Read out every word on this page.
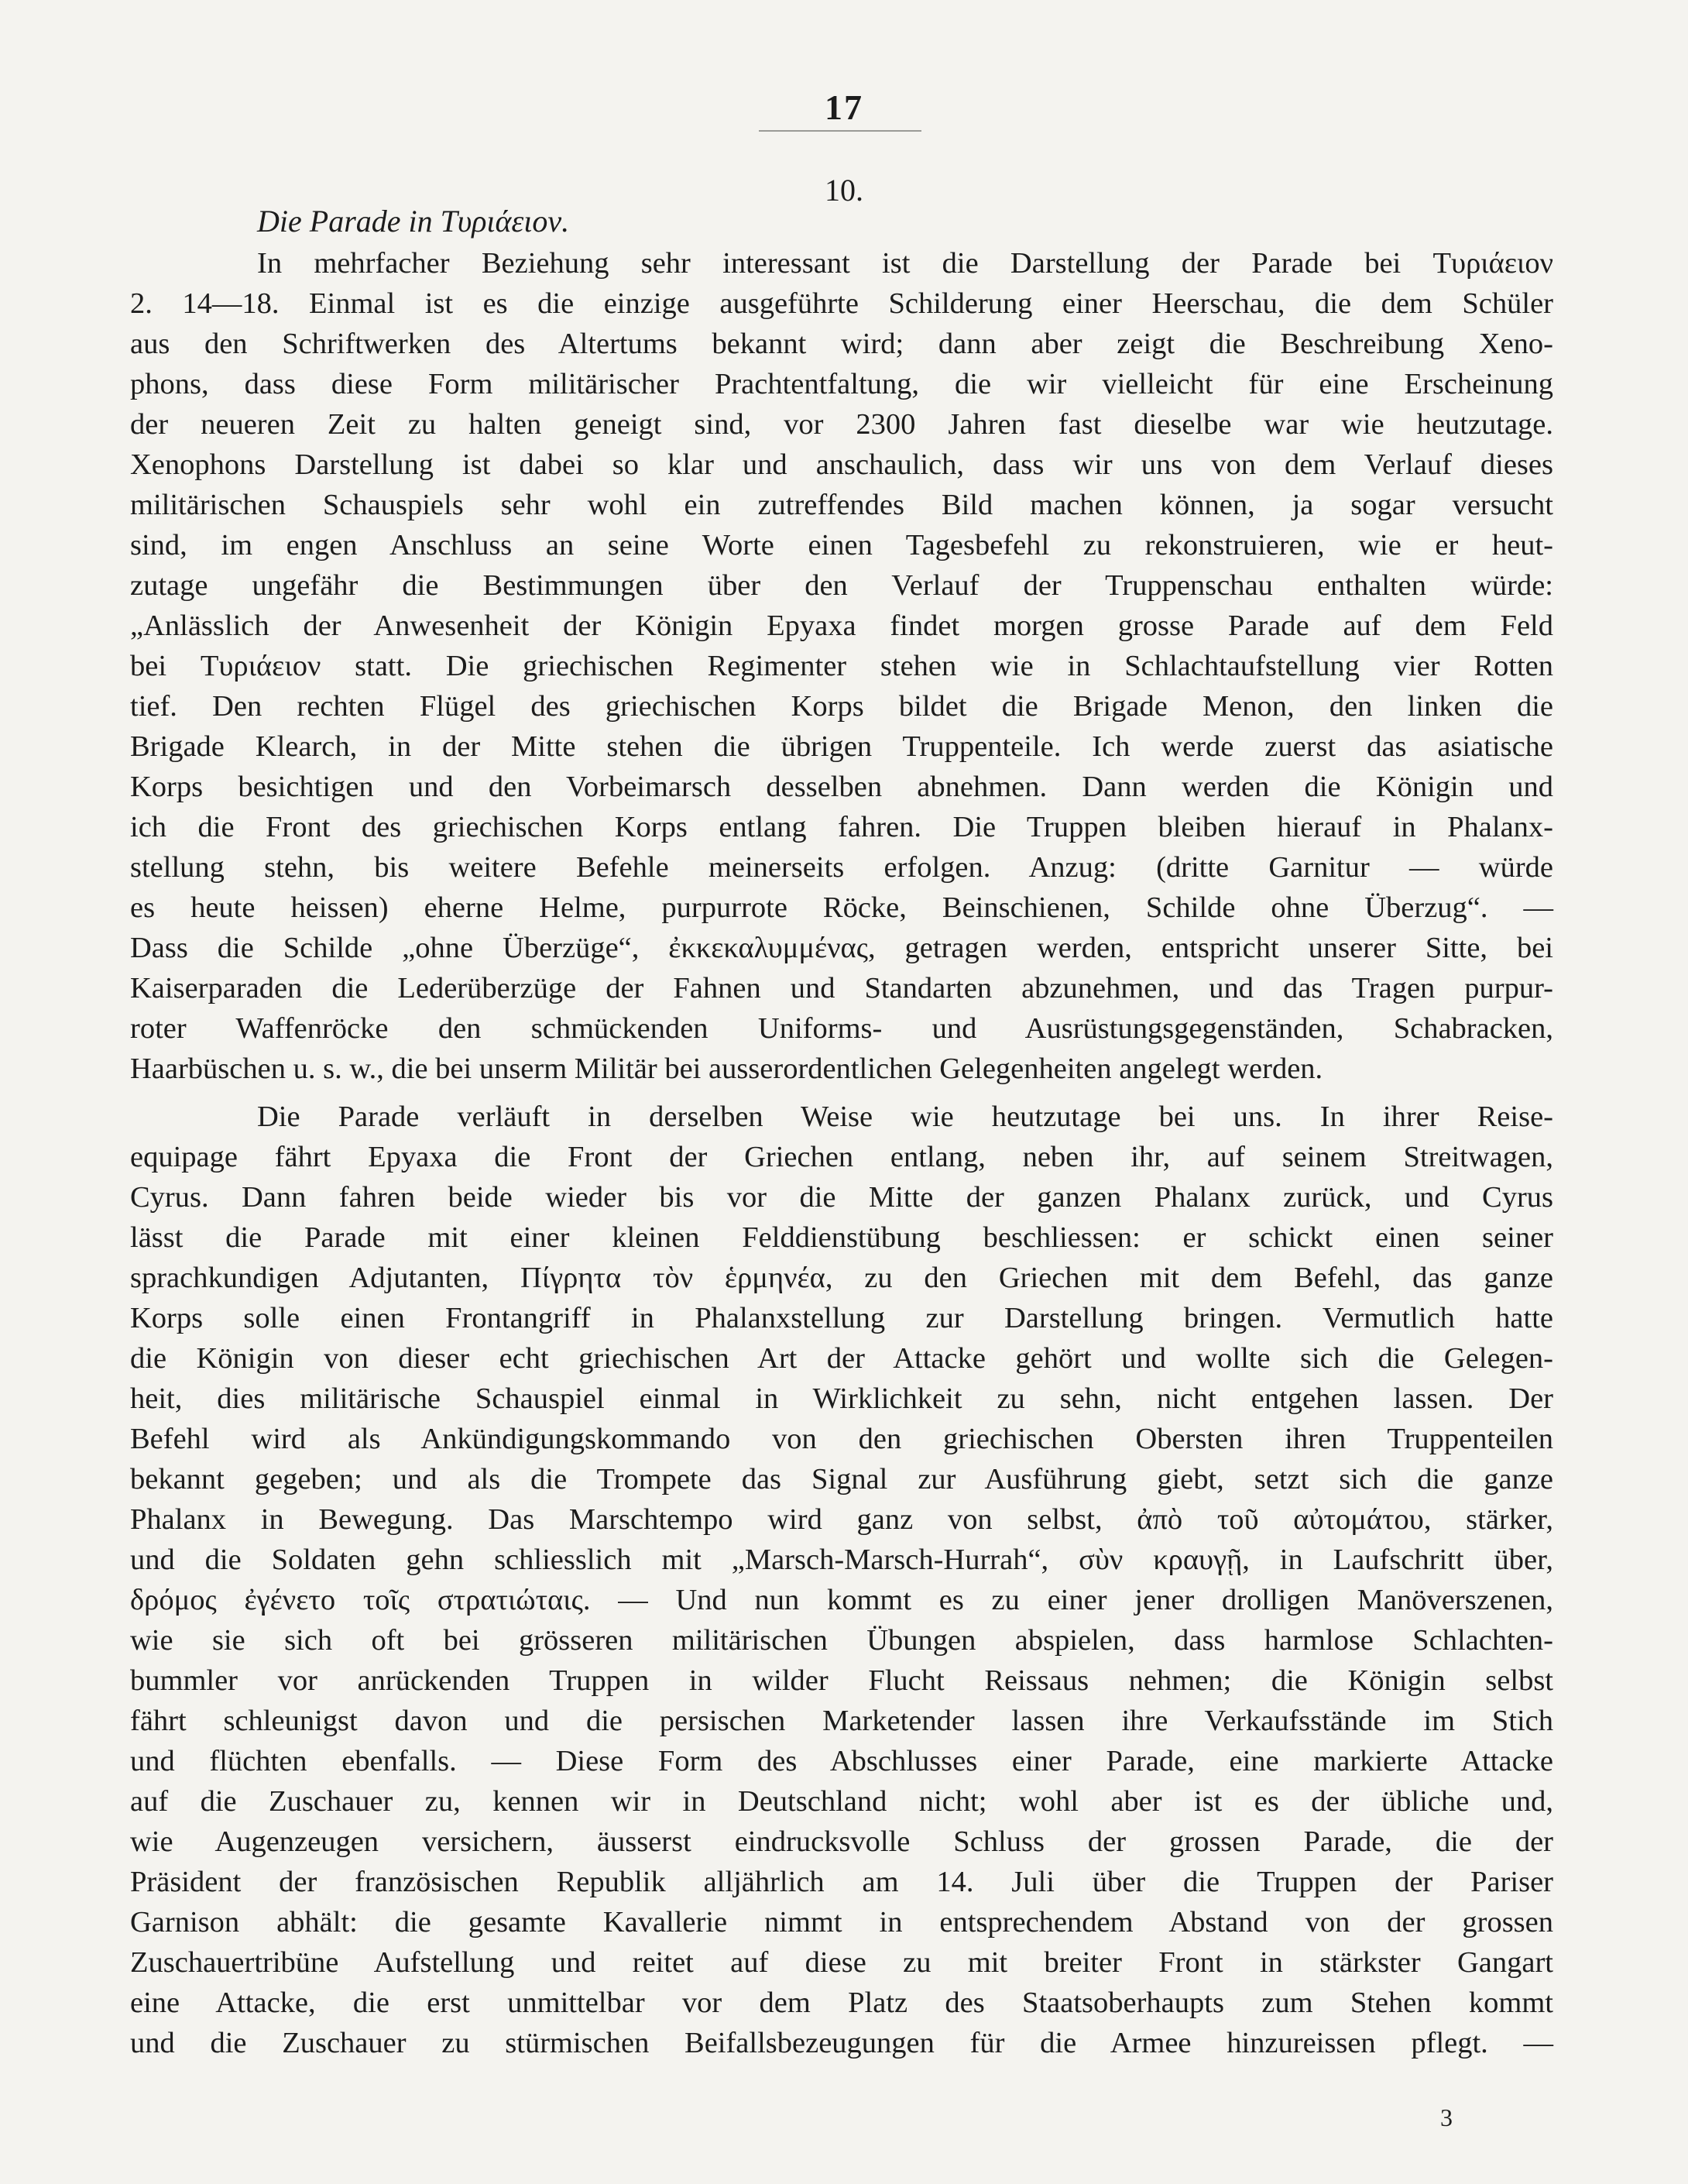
17
10.
Die Parade in Τυριάειον.
In mehrfacher Beziehung sehr interessant ist die Darstellung der Parade bei Τυριάειον
2. 14—18. Einmal ist es die einzige ausgeführte Schilderung einer Heerschau, die dem Schüler
aus den Schriftwerken des Altertums bekannt wird; dann aber zeigt die Beschreibung Xeno-
phons, dass diese Form militärischer Prachtentfaltung, die wir vielleicht für eine Erscheinung
der neueren Zeit zu halten geneigt sind, vor 2300 Jahren fast dieselbe war wie heutzutage.
Xenophons Darstellung ist dabei so klar und anschaulich, dass wir uns von dem Verlauf dieses
militärischen Schauspiels sehr wohl ein zutreffendes Bild machen können, ja sogar versucht
sind, im engen Anschluss an seine Worte einen Tagesbefehl zu rekonstruieren, wie er heut-
zutage ungefähr die Bestimmungen über den Verlauf der Truppenschau enthalten würde:
„Anlässlich der Anwesenheit der Königin Epyaxa findet morgen grosse Parade auf dem Feld
bei Τυριάειον statt. Die griechischen Regimenter stehen wie in Schlachtaufstellung vier Rotten
tief. Den rechten Flügel des griechischen Korps bildet die Brigade Menon, den linken die
Brigade Klearch, in der Mitte stehen die übrigen Truppenteile. Ich werde zuerst das asiatische
Korps besichtigen und den Vorbeimarsch desselben abnehmen. Dann werden die Königin und
ich die Front des griechischen Korps entlang fahren. Die Truppen bleiben hierauf in Phalanx-
stellung stehn, bis weitere Befehle meinerseits erfolgen. Anzug: (dritte Garnitur — würde
es heute heissen) eherne Helme, purpurrote Röcke, Beinschienen, Schilde ohne Überzug“. —
Dass die Schilde „ohne Überzüge“, ἐκκεκαλυμμένας, getragen werden, entspricht unserer Sitte, bei
Kaiserparaden die Lederüberzüge der Fahnen und Standarten abzunehmen, und das Tragen purpur-
roter Waffenröcke den schmückenden Uniforms- und Ausrüstungsgegenständen, Schabracken,
Haarbüschen u. s. w., die bei unserm Militär bei ausserordentlichen Gelegenheiten angelegt werden.
Die Parade verläuft in derselben Weise wie heutzutage bei uns. In ihrer Reise-
equipage fährt Epyaxa die Front der Griechen entlang, neben ihr, auf seinem Streitwagen,
Cyrus. Dann fahren beide wieder bis vor die Mitte der ganzen Phalanx zurück, und Cyrus
lässt die Parade mit einer kleinen Felddienstübung beschliessen: er schickt einen seiner
sprachkundigen Adjutanten, Πίγρητα τὸν ἑρμηνέα, zu den Griechen mit dem Befehl, das ganze
Korps solle einen Frontangriff in Phalanxstellung zur Darstellung bringen. Vermutlich hatte
die Königin von dieser echt griechischen Art der Attacke gehört und wollte sich die Gelegen-
heit, dies militärische Schauspiel einmal in Wirklichkeit zu sehn, nicht entgehen lassen. Der
Befehl wird als Ankündigungskommando von den griechischen Obersten ihren Truppenteilen
bekannt gegeben; und als die Trompete das Signal zur Ausführung giebt, setzt sich die ganze
Phalanx in Bewegung. Das Marschtempo wird ganz von selbst, ἀπὸ τοῦ αὐτομάτου, stärker,
und die Soldaten gehn schliesslich mit „Marsch-Marsch-Hurrah“, σὺν κραυγῇ, in Laufschritt über,
δρόμος ἐγένετο τοῖς στρατιώταις. — Und nun kommt es zu einer jener drolligen Manöverszenen,
wie sie sich oft bei grösseren militärischen Übungen abspielen, dass harmlose Schlachten-
bummler vor anrückenden Truppen in wilder Flucht Reissaus nehmen; die Königin selbst
fährt schleunigst davon und die persischen Marketender lassen ihre Verkaufsstände im Stich
und flüchten ebenfalls. — Diese Form des Abschlusses einer Parade, eine markierte Attacke
auf die Zuschauer zu, kennen wir in Deutschland nicht; wohl aber ist es der übliche und,
wie Augenzeugen versichern, äusserst eindrucksvolle Schluss der grossen Parade, die der
Präsident der französischen Republik alljährlich am 14. Juli über die Truppen der Pariser
Garnison abhält: die gesamte Kavallerie nimmt in entsprechendem Abstand von der grossen
Zuschauertribüne Aufstellung und reitet auf diese zu mit breiter Front in stärkster Gangart
eine Attacke, die erst unmittelbar vor dem Platz des Staatsoberhaupts zum Stehen kommt
und die Zuschauer zu stürmischen Beifallsbezeugungen für die Armee hinzureissen pflegt. —
3
